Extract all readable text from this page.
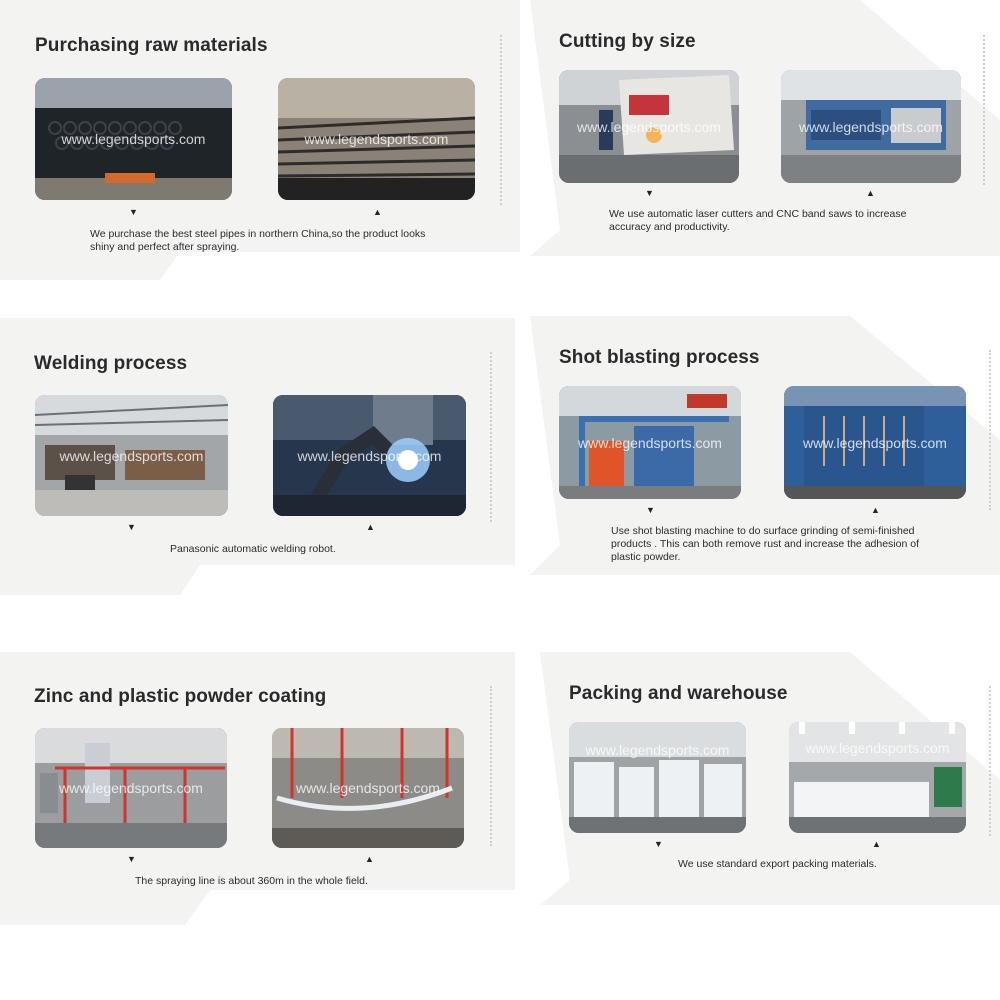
Purchasing raw materials
www.legendsports.com	www.legendsports.com
▼	▲
We purchase the best steel pipes in northern China,so the product looks shiny and perfect after spraying.
Cutting by size
www.legendsports.com	www.legendsports.com
▼	▲
We use automatic laser cutters and CNC band saws to increase accuracy and productivity.
Welding process
www.legendsports.com	www.legendsports.com
▼	▲
Panasonic automatic welding robot.
Shot blasting process
www.legendsports.com	www.legendsports.com
▼	▲
Use shot blasting machine to do surface grinding of semi-finished products . This can both remove rust and increase the adhesion of plastic powder.
Zinc and plastic powder coating
www.legendsports.com	www.legendsports.com
▼	▲
The spraying line is about 360m in the whole field.
Packing and warehouse
www.legendsports.com	www.legendsports.com
▼	▲
We use standard export packing materials.
